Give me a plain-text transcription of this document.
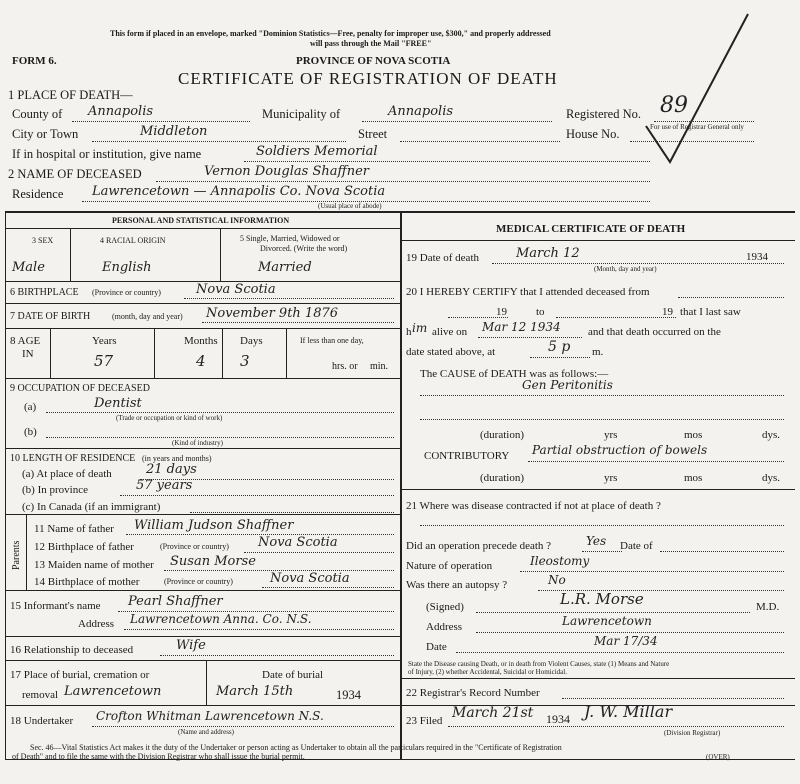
This form if placed in an envelope, marked "Dominion Statistics—Free, penalty for improper use, $300," and properly addressed
will pass through the Mail "FREE"
FORM 6.	PROVINCE OF NOVA SCOTIA
CERTIFICATE OF REGISTRATION OF DEATH
1 PLACE OF DEATH—
County of Annapolis	Municipality of	Annapolis	Registered No. 89
For use of Registrar General only
City or Town	Middleton	Street	House No.
If in hospital or institution, give name	Soldiers Memorial
2 NAME OF DECEASED	Vernon Douglas Shaffner
Residence Lawrencetown — Annapolis Co. Nova Scotia
(Usual place of abode)
PERSONAL AND STATISTICAL INFORMATION
3 SEX	4 RACIAL ORIGIN	5 Single, Married, Widowed or
Divorced. (Write the word)
Male	English	Married
6 BIRTHPLACE (Province or country)	Nova Scotia
7 DATE OF BIRTH	(month, day and year) November 9th 1876
8 AGE
IN
Years	Months Days	If less than one day,
57	4 3	hrs. or min.
9 OCCUPATION OF DECEASED
(a)	Dentist
(Trade or occupation or kind of work)
(b)
(Kind of industry)
10 LENGTH OF RESIDENCE (in years and months)
(a) At place of death	21 days
(b) In province	57 years
(c) In Canada (if an immigrant)
Parents
11 Name of father William Judson Shaffner
12 Birthplace of father	(Province or country) Nova Scotia
13 Maiden name of mother Susan Morse
14 Birthplace of mother	(Province or country)	Nova Scotia
15 Informant's name Pearl Shaffner
Address Lawrencetown Anna. Co. N.S.
16 Relationship to deceased	Wife
17 Place of burial, cremation or
removal Lawrencetown
Date of burial
March 15th	1934
18 Undertaker Crofton Whitman Lawrencetown N.S.
(Name and address)
MEDICAL CERTIFICATE OF DEATH
19 Date of death	March 12	1934
(Month, day and year)
20 I HEREBY CERTIFY that I attended deceased from
19	to	19 that I last saw
h im alive on Mar 12 1934 and that death occurred on the
date stated above, at	5 p m.
The CAUSE of DEATH was as follows:—
Gen Peritonitis
(duration)	yrs	mos	dys.
CONTRIBUTORY Partial obstruction of bowels
(duration)	yrs	mos	dys.
21 Where was disease contracted if not at place of death ?
Did an operation precede death ?	Yes Date of
Nature of operation	Ileostomy
Was there an autopsy ?	No
(Signed)	L.R. Morse	M.D.
Address	Lawrencetown
Date	Mar 17/34
State the Disease causing Death, or in death from Violent Causes, state (1) Means and Nature
of Injury, (2) whether Accidental, Suicidal or Homicidal.
22 Registrar's Record Number
23 Filed March 21st 1934 J. W. Millar
(Division Registrar)
Sec. 46—Vital Statistics Act makes it the duty of the Undertaker or person acting as Undertaker to obtain all the particulars required in the "Certificate of Registration
of Death" and to file the same with the Division Registrar who shall issue the burial permit.	(OVER)
